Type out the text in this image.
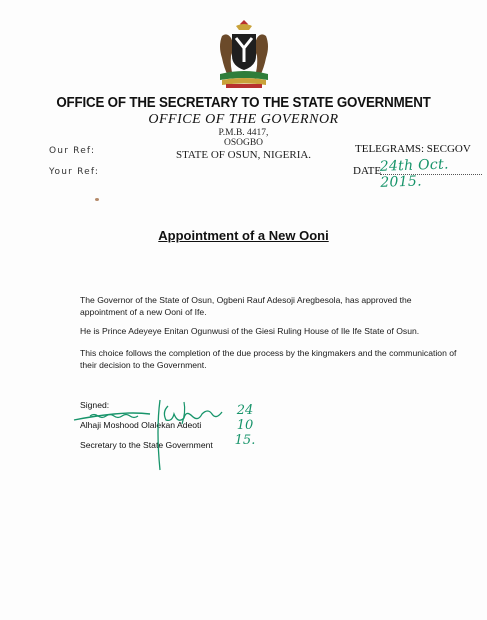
OFFICE OF THE SECRETARY TO THE STATE GOVERNMENT
OFFICE OF THE GOVERNOR
P.M.B. 4417,
OSOGBO
STATE OF OSUN, NIGERIA.
Our Ref:
Your Ref:
TELEGRAMS: SECGOV
DATE
24th Oct. 2015.
Appointment of a New Ooni
The Governor of the State of Osun, Ogbeni Rauf Adesoji Aregbesola, has approved the appointment of a new Ooni of Ife.
He is Prince Adeyeye Enitan Ogunwusi of the Giesi Ruling House of Ile Ife State of Osun.
This choice follows the completion of the due process by the kingmakers and the communication of their decision to the Government.
Signed:
Alhaji Moshood Olalekan Adeoti
Secretary to the State Government
24
10
15.
